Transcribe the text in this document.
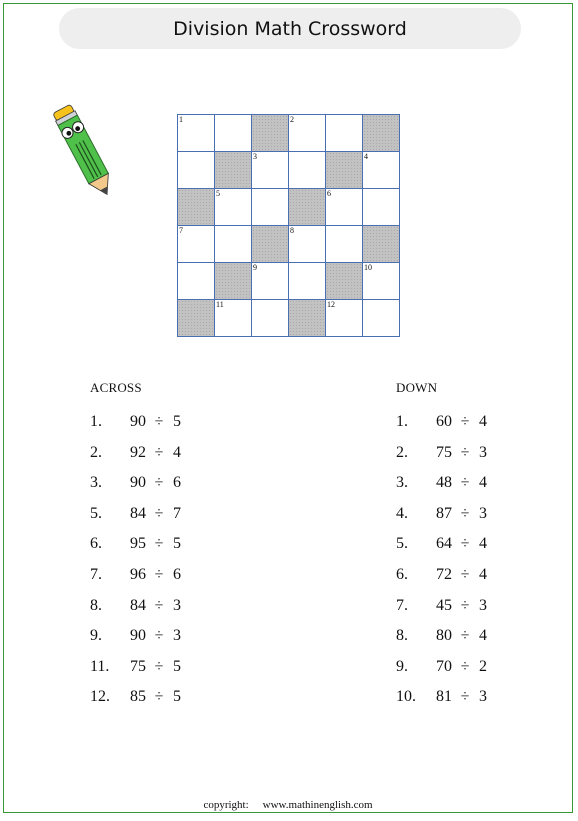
Division Math Crossword
1	2
3	4
5	6
7	8
9	10
11	12
ACROSS
1.	90 ÷ 5
2.	92 ÷ 4
3.	90 ÷ 6
5.	84 ÷ 7
6.	95 ÷ 5
7.	96 ÷ 6
8.	84 ÷ 3
9.	90 ÷ 3
11.	75 ÷ 5
12.	85 ÷ 5
DOWN
1.	60 ÷ 4
2.	75 ÷ 3
3.	48 ÷ 4
4.	87 ÷ 3
5.	64 ÷ 4
6.	72 ÷ 4
7.	45 ÷ 3
8.	80 ÷ 4
9.	70 ÷ 2
10.	81 ÷ 3
copyright: www.mathinenglish.com
